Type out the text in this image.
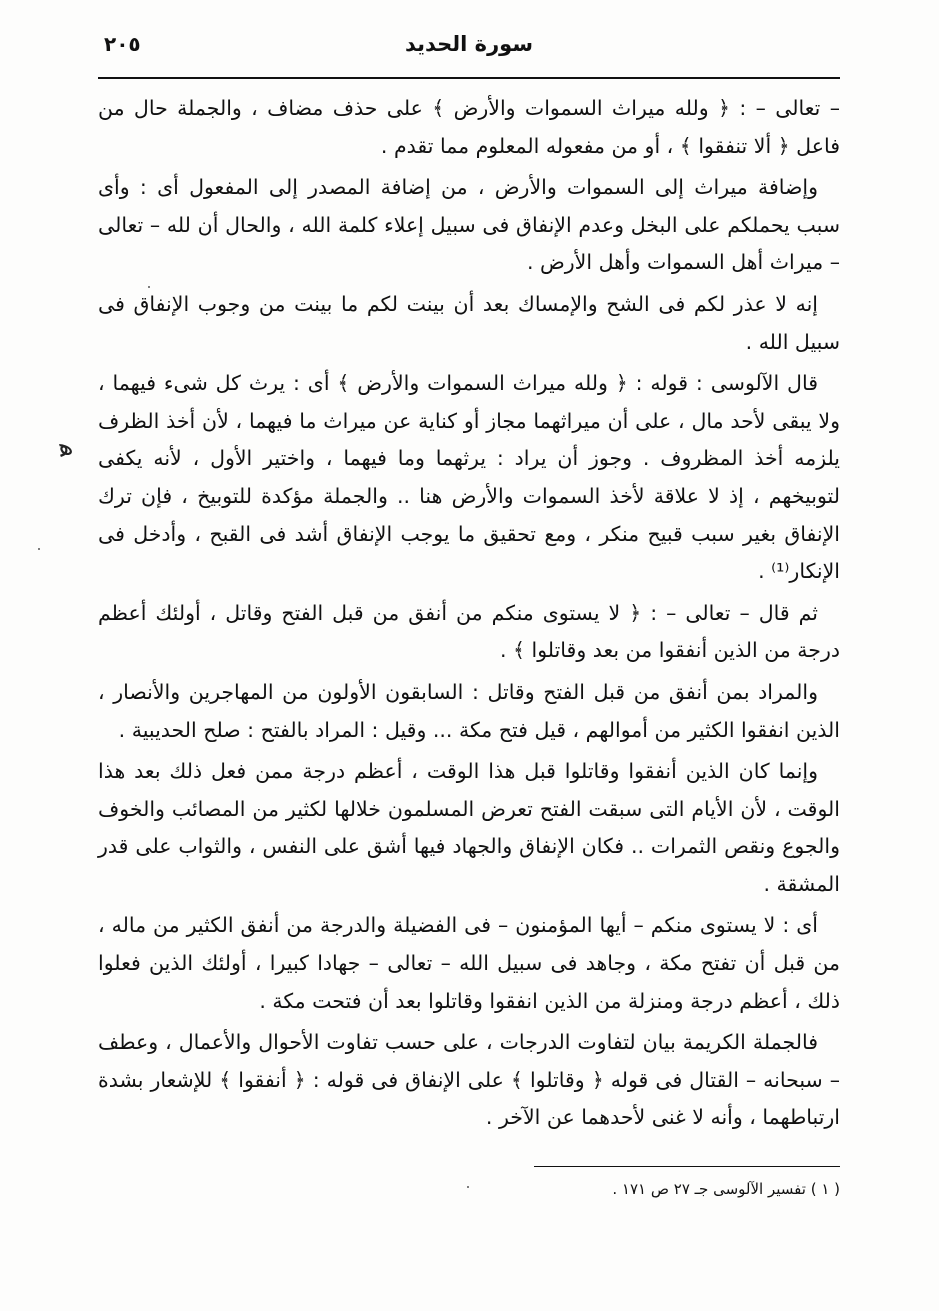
٢٠٥	سورة الحديد

– تعالى – : ﴿ ولله ميراث السموات والأرض ﴾ على حذف مضاف ، والجملة حال من فاعل ﴿ ألا تنفقوا ﴾ ، أو من مفعوله المعلوم مما تقدم .

وإضافة ميراث إلى السموات والأرض ، من إضافة المصدر إلى المفعول أى : وأى سبب يحملكم على البخل وعدم الإنفاق فى سبيل إعلاء كلمة الله ، والحال أن لله – تعالى – ميراث أهل السموات وأهل الأرض .

إنه لا عذر لكم فى الشح والإمساك بعد أن بينت لكم ما بينت من وجوب الإنفاق فى سبيل الله .

قال الآلوسى : قوله : ﴿ ولله ميراث السموات والأرض ﴾ أى : يرث كل شىء فيهما ، ولا يبقى لأحد مال ، على أن ميراثهما مجاز أو كناية عن ميراث ما فيهما ، لأن أخذ الظرف يلزمه أخذ المظروف . وجوز أن يراد : يرثهما وما فيهما ، واختير الأول ، لأنه يكفى لتوبيخهم ، إذ لا علاقة لأخذ السموات والأرض هنا .. والجملة مؤكدة للتوبيخ ، فإن ترك الإنفاق بغير سبب قبيح منكر ، ومع تحقيق ما يوجب الإنفاق أشد فى القبح ، وأدخل فى الإنكار⁽¹⁾ .

ثم قال – تعالى – : ﴿ لا يستوى منكم من أنفق من قبل الفتح وقاتل ، أولئك أعظم درجة من الذين أنفقوا من بعد وقاتلوا ﴾ .

والمراد بمن أنفق من قبل الفتح وقاتل : السابقون الأولون من المهاجرين والأنصار ، الذين انفقوا الكثير من أموالهم ، قيل فتح مكة ... وقيل : المراد بالفتح : صلح الحديبية .

وإنما كان الذين أنفقوا وقاتلوا قبل هذا الوقت ، أعظم درجة ممن فعل ذلك بعد هذا الوقت ، لأن الأيام التى سبقت الفتح تعرض المسلمون خلالها لكثير من المصائب والخوف والجوع ونقص الثمرات .. فكان الإنفاق والجهاد فيها أشق على النفس ، والثواب على قدر المشقة .

أى : لا يستوى منكم – أيها المؤمنون – فى الفضيلة والدرجة من أنفق الكثير من ماله ، من قبل أن تفتح مكة ، وجاهد فى سبيل الله – تعالى – جهادا كبيرا ، أولئك الذين فعلوا ذلك ، أعظم درجة ومنزلة من الذين انفقوا وقاتلوا بعد أن فتحت مكة .

فالجملة الكريمة بيان لتفاوت الدرجات ، على حسب تفاوت الأحوال والأعمال ، وعطف – سبحانه – القتال فى قوله ﴿ وقاتلوا ﴾ على الإنفاق فى قوله : ﴿ أنفقوا ﴾ للإشعار بشدة ارتباطهما ، وأنه لا غنى لأحدهما عن الآخر .

( ١ ) تفسير الآلوسى جـ ٢٧ ص ١٧١ .
ﻫ
